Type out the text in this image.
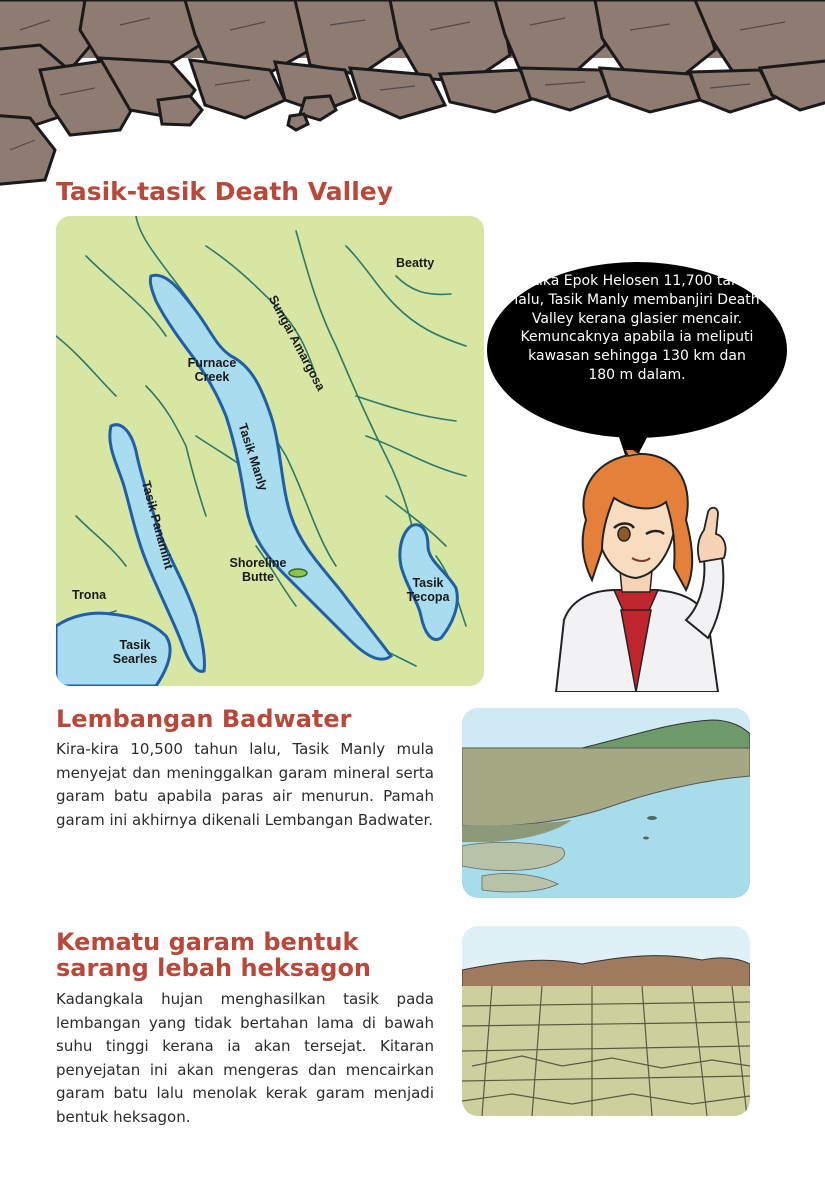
Tasik-tasik Death Valley
Beatty
Sungai Amargosa
Furnace Creek
Tasik Manly
Tasik Panamint	Shoreline Butte	Tasik Tecopa
Trona
Tasik Searles

Ketika Epok Helosen 11,700 tahun lalu, Tasik Manly membanjiri Death Valley kerana glasier mencair. Kemuncaknya apabila ia meliputi kawasan sehingga 130 km dan 180 m dalam.

Lembangan Badwater

Kira-kira 10,500 tahun lalu, Tasik Manly mula menyejat dan meninggalkan garam mineral serta garam batu apabila paras air menurun. Pamah garam ini akhirnya dikenali Lembangan Badwater.

Kematu garam bentuk sarang lebah heksagon

Kadangkala hujan menghasilkan tasik pada lembangan yang tidak bertahan lama di bawah suhu tinggi kerana ia akan tersejat. Kitaran penyejatan ini akan mengeras dan mencairkan garam batu lalu menolak kerak garam menjadi bentuk heksagon.
